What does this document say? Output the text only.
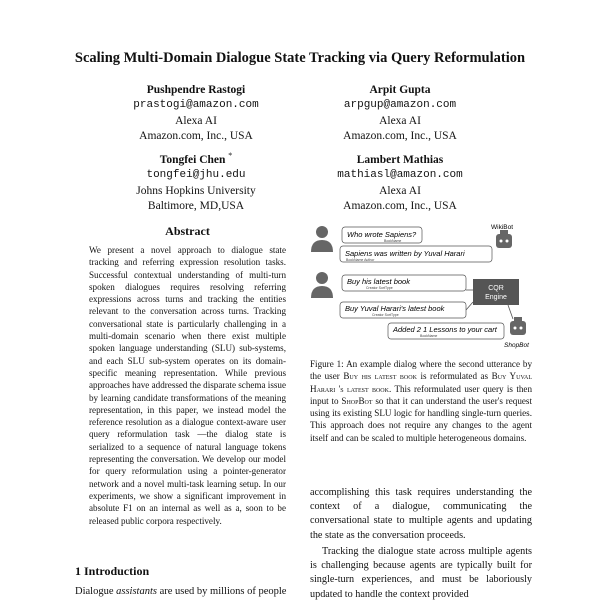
Scaling Multi-Domain Dialogue State Tracking via Query Reformulation
Pushpendre Rastogi
prastogi@amazon.com
Alexa AI
Amazon.com, Inc., USA
Arpit Gupta
arpgup@amazon.com
Alexa AI
Amazon.com, Inc., USA
Tongfei Chen *
tongfei@jhu.edu
Johns Hopkins University
Baltimore, MD,USA
Lambert Mathias
mathiasl@amazon.com
Alexa AI
Amazon.com, Inc., USA
Abstract
We present a novel approach to dialogue state tracking and referring expression resolution tasks. Successful contextual understanding of multi-turn spoken dialogues requires resolving referring expressions across turns and tracking the entities relevant to the conversation across turns. Tracking conversational state is particularly challenging in a multi-domain scenario when there exist multiple spoken language understanding (SLU) sub-systems, and each SLU sub-system operates on its domain-specific meaning representation. While previous approaches have addressed the disparate schema issue by learning candidate transformations of the meaning representation, in this paper, we instead model the reference resolution as a dialogue context-aware user query reformulation task —the dialog state is serialized to a sequence of natural language tokens representing the conversation. We develop our model for query reformulation using a pointer-generator network and a novel multi-task learning setup. In our experiments, we show a significant improvement in absolute F1 on an internal as well as a, soon to be released public corpora respectively.
1 Introduction
Dialogue assistants are used by millions of people
WikiBot
ShopBot
CQR
Engine
Who wrote Sapiens?
BookName
Sapiens was written by Yuval Harari
BookName Author
Buy his latest book
Creator SortType
Buy Yuval Harari's latest book
Creator SortType
Added 2 1 Lessons to your cart
BookName
Figure 1: An example dialog where the second utterance by the user Buy his latest book is reformulated as Buy Yuval Harari 's latest book. This reformulated user query is then input to ShopBot so that it can understand the user's request using its existing SLU logic for handling single-turn queries. This approach does not require any changes to the agent itself and can be scaled to multiple heterogeneous domains.
accomplishing this task requires understanding the context of a dialogue, communicating the conversational state to multiple agents and updating the state as the conversation proceeds.
Tracking the dialogue state across multiple agents is challenging because agents are typically built for single-turn experiences, and must be laboriously updated to handle the context provided
